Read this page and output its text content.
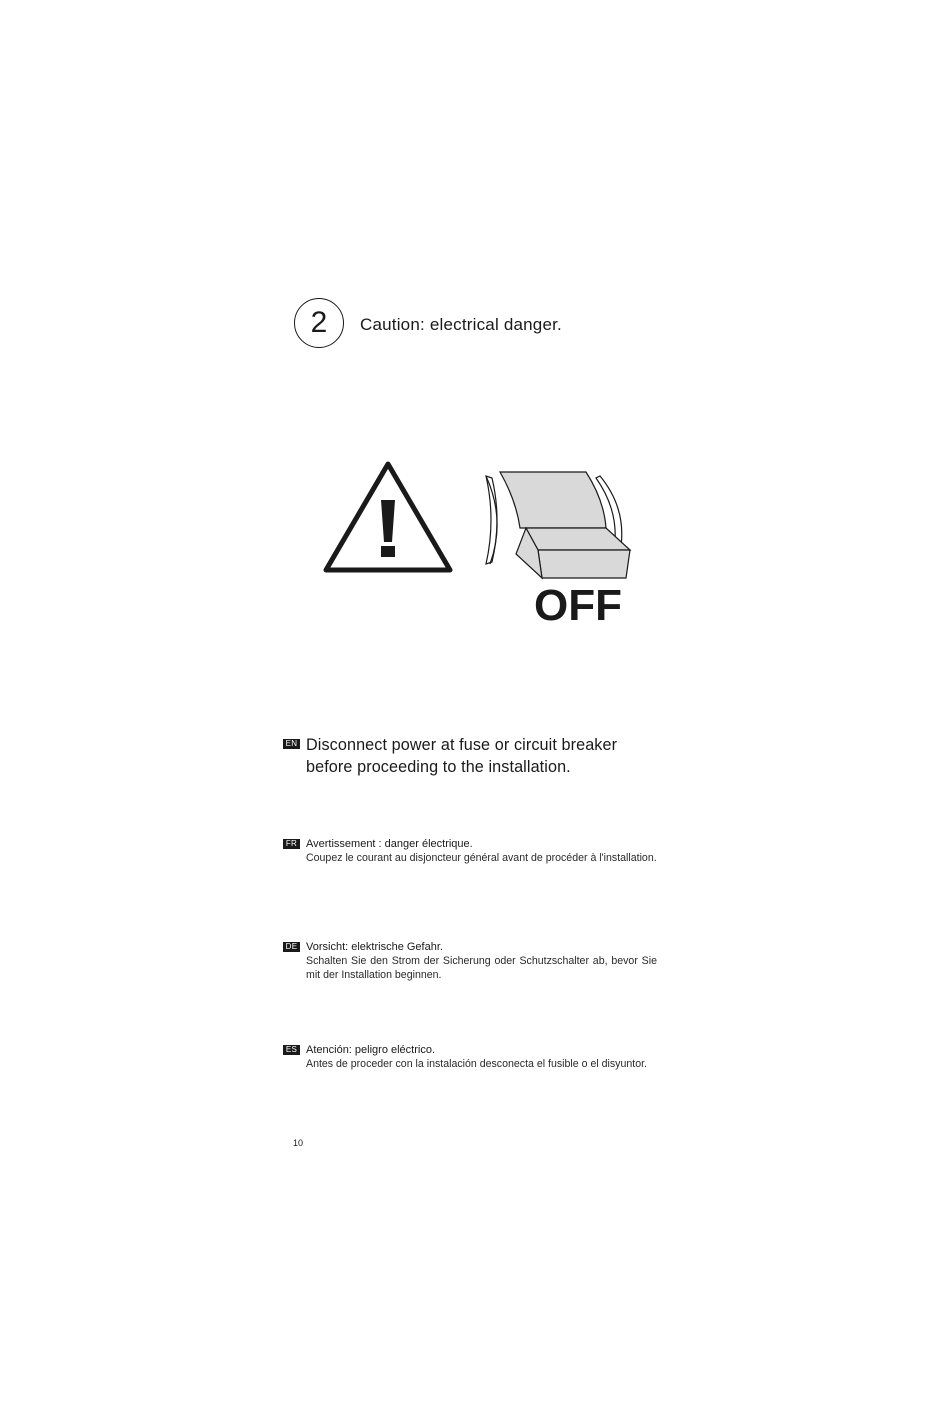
2 Caution: electrical danger.
OFF
EN Disconnect power at fuse or circuit breaker
before proceeding to the installation.
FR Avertissement : danger électrique.
Coupez le courant au disjoncteur général avant de procéder à l'installation.
DE Vorsicht: elektrische Gefahr.
Schalten Sie den Strom der Sicherung oder Schutzschalter ab, bevor Sie mit der Installation beginnen.
ES Atención: peligro eléctrico.
Antes de proceder con la instalación desconecta el fusible o el disyuntor.
10
